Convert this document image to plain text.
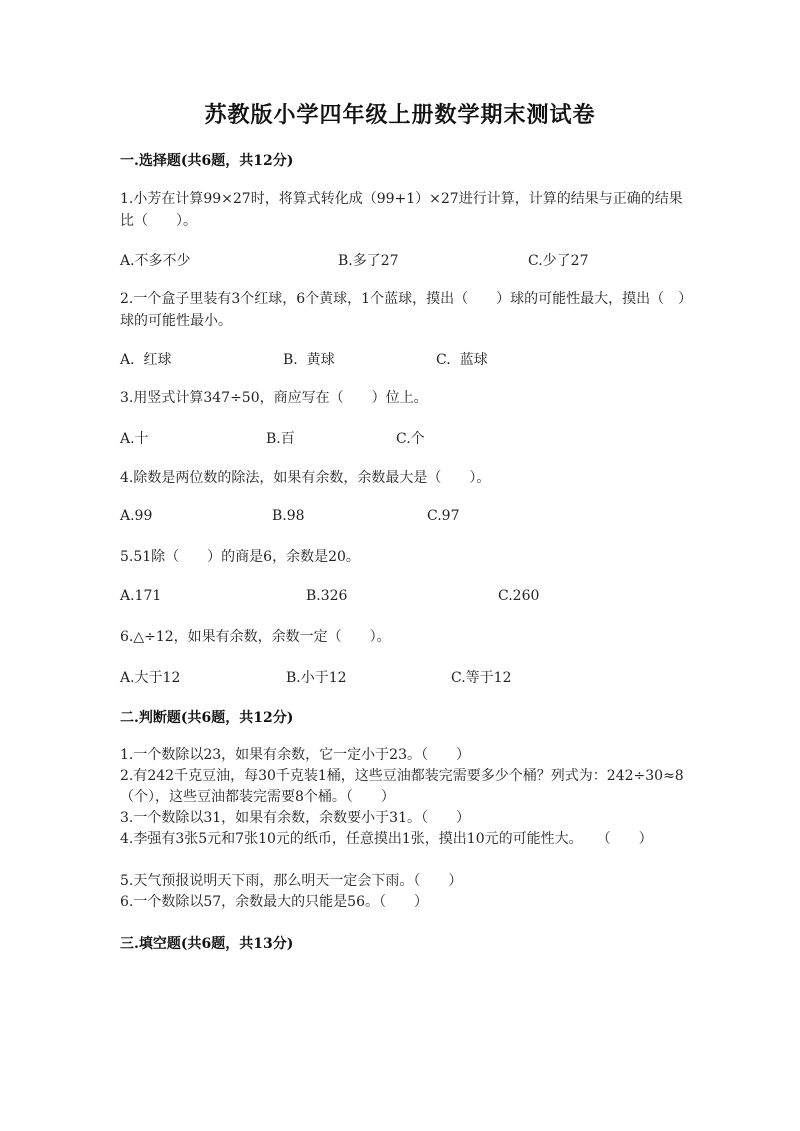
苏教版小学四年级上册数学期末测试卷
一.选择题(共6题，共12分)
1.小芳在计算99×27时，将算式转化成（99+1）×27进行计算，计算的结果与正确的结果比（　　）。
A.不多不少	B.多了27	C.少了27
2.一个盒子里装有3个红球，6个黄球，1个蓝球，摸出（　　）球的可能性最大，摸出（　）球的可能性最小。
A.  红球	B.  黄球	C.  蓝球
3.用竖式计算347÷50，商应写在（　　）位上。
A.十	B.百	C.个
4.除数是两位数的除法，如果有余数，余数最大是（　　）。
A.99	B.98	C.97
5.51除（　　）的商是6，余数是20。
A.171	B.326	C.260
6.△÷12，如果有余数，余数一定（　　）。
A.大于12	B.小于12	C.等于12
二.判断题(共6题，共12分)
1.一个数除以23，如果有余数，它一定小于23。（　　）
2.有242千克豆油，每30千克装1桶，这些豆油都装完需要多少个桶？列式为：242÷30≈8（个），这些豆油都装完需要8个桶。（　　）
3.一个数除以31，如果有余数，余数要小于31。（　　）
4.李强有3张5元和7张10元的纸币，任意摸出1张，摸出10元的可能性大。　　（　　）
5.天气预报说明天下雨，那么明天一定会下雨。（　　）
6.一个数除以57，余数最大的只能是56。（　　）
三.填空题(共6题，共13分)
